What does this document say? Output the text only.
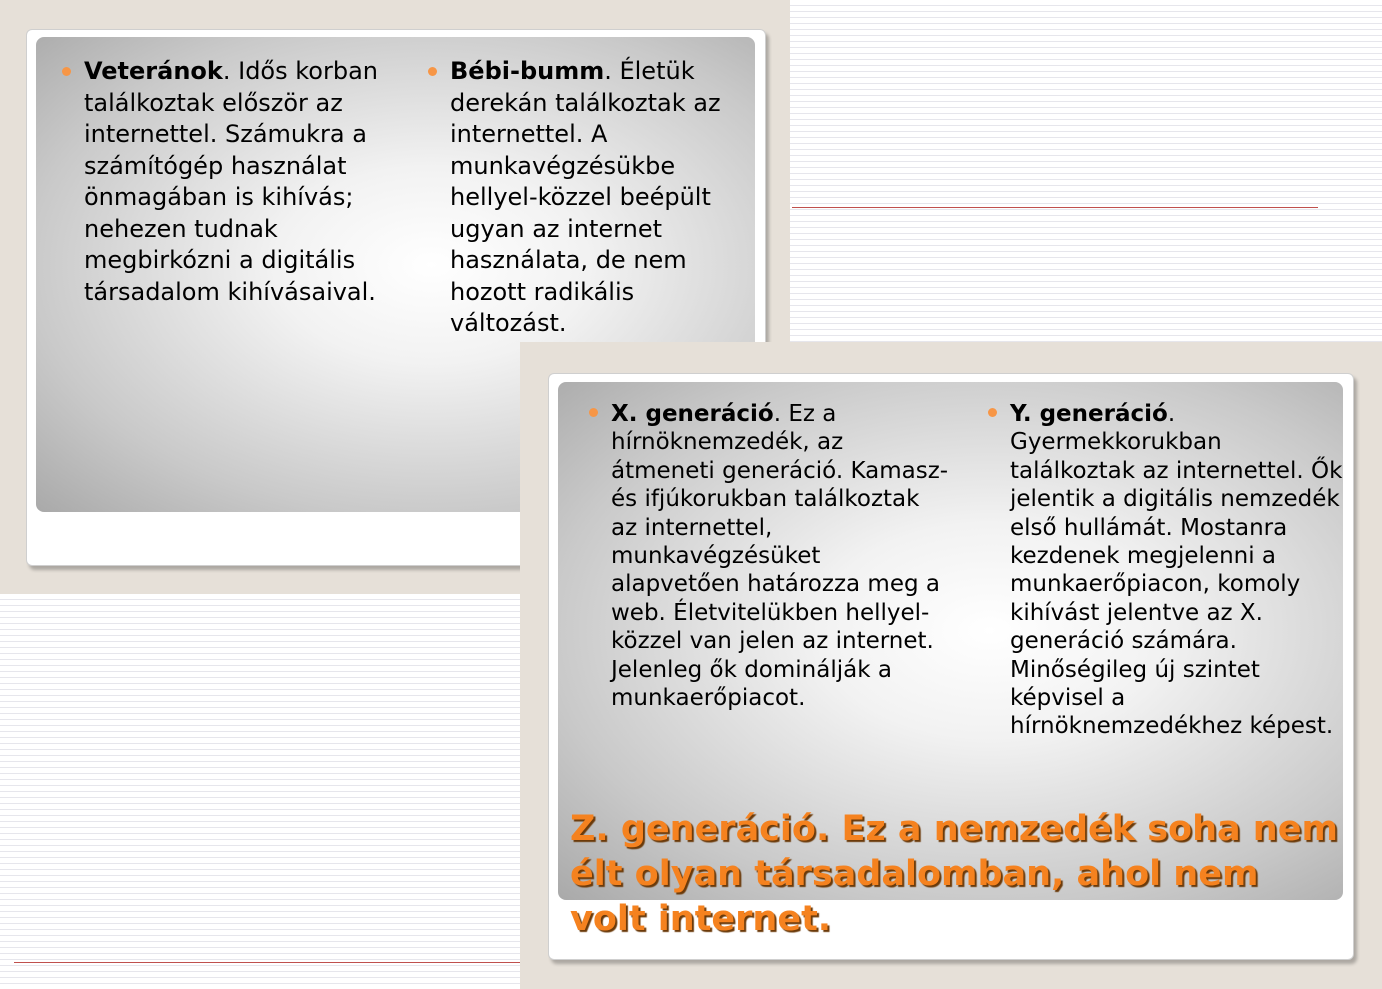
Veteránok. Idős korban találkoztak először az internettel. Számukra a számítógép használat önmagában is kihívás; nehezen tudnak megbirkózni a digitális társadalom kihívásaival.
Bébi-bumm. Életük derekán találkoztak az internettel. A munkavégzésükbe hellyel-közzel beépült ugyan az internet használata, de nem hozott radikális változást.
X. generáció. Ez a hírnöknemzedék, az átmeneti generáció. Kamasz- és ifjúkorukban találkoztak az internettel, munkavégzésüket alapvetően határozza meg a web. Életvitelükben hellyel-közzel van jelen az internet. Jelenleg ők dominálják a munkaerőpiacot.
Y. generáció. Gyermekkorukban találkoztak az internettel. Ők jelentik a digitális nemzedék első hullámát. Mostanra kezdenek megjelenni a munkaerőpiacon, komoly kihívást jelentve az X. generáció számára. Minőségileg új szintet képvisel a hírnöknemzedékhez képest.
Z. generáció. Ez a nemzedék soha nem élt olyan társadalomban, ahol nem volt internet.
